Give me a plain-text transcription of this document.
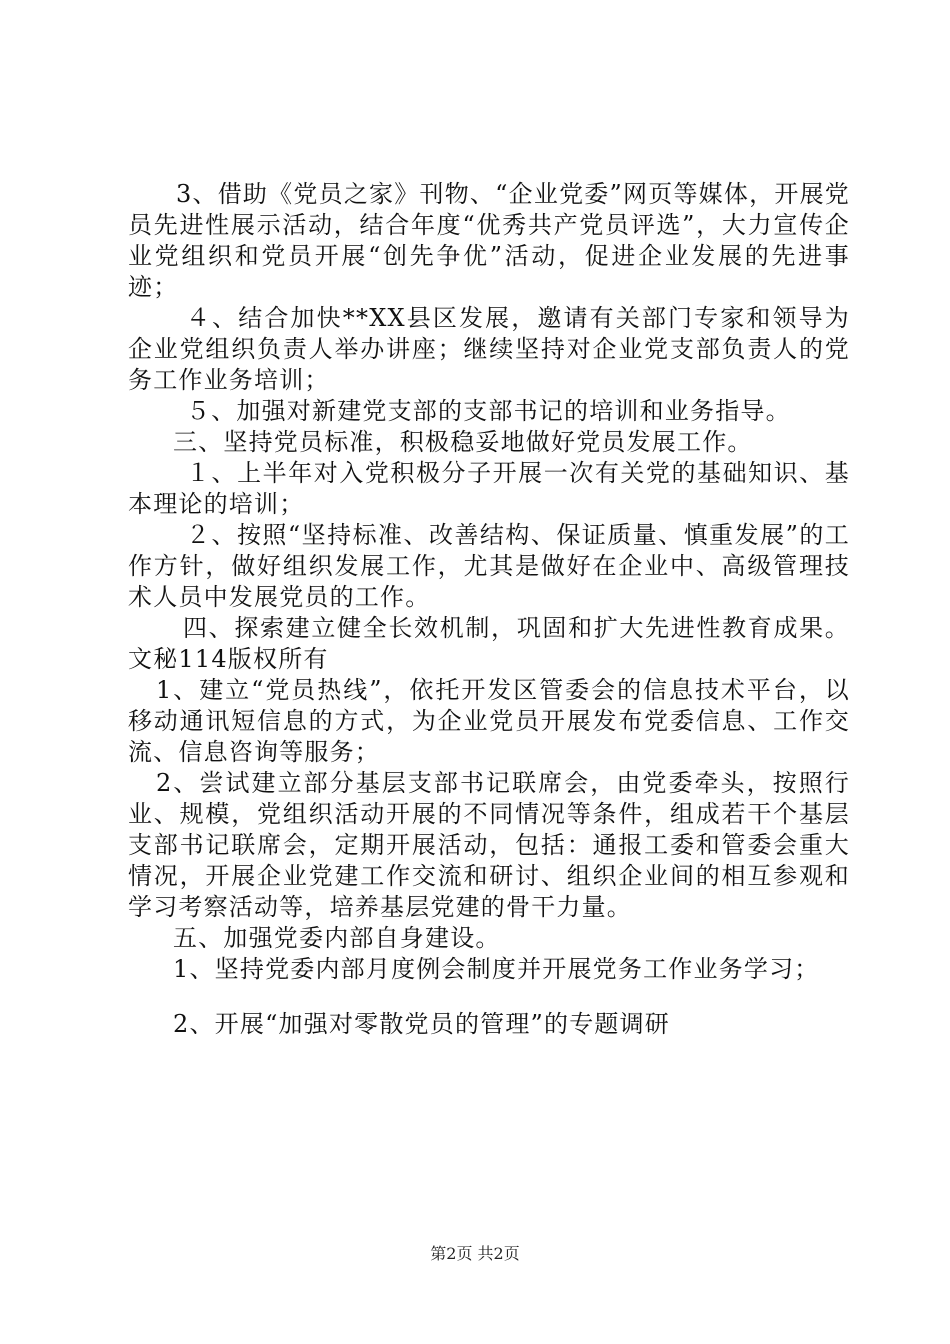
3、借助《党员之家》刊物、“企业党委”网页等媒体，开展党员先进性展示活动，结合年度“优秀共产党员评选”，大力宣传企业党组织和党员开展“创先争优”活动，促进企业发展的先进事迹；

４、结合加快**XX县区发展，邀请有关部门专家和领导为企业党组织负责人举办讲座；继续坚持对企业党支部负责人的党务工作业务培训；

５、加强对新建党支部的支部书记的培训和业务指导。

三、坚持党员标准，积极稳妥地做好党员发展工作。

１、上半年对入党积极分子开展一次有关党的基础知识、基本理论的培训；

２、按照“坚持标准、改善结构、保证质量、慎重发展”的工作方针，做好组织发展工作，尤其是做好在企业中、高级管理技术人员中发展党员的工作。

四、探索建立健全长效机制，巩固和扩大先进性教育成果。文秘114版权所有

1、建立“党员热线”，依托开发区管委会的信息技术平台，以移动通讯短信息的方式，为企业党员开展发布党委信息、工作交流、信息咨询等服务；

2、尝试建立部分基层支部书记联席会，由党委牵头，按照行业、规模，党组织活动开展的不同情况等条件，组成若干个基层支部书记联席会，定期开展活动，包括：通报工委和管委会重大情况，开展企业党建工作交流和研讨、组织企业间的相互参观和学习考察活动等，培养基层党建的骨干力量。

五、加强党委内部自身建设。

1、坚持党委内部月度例会制度并开展党务工作业务学习；

2、开展“加强对零散党员的管理”的专题调研

第2页 共2页
